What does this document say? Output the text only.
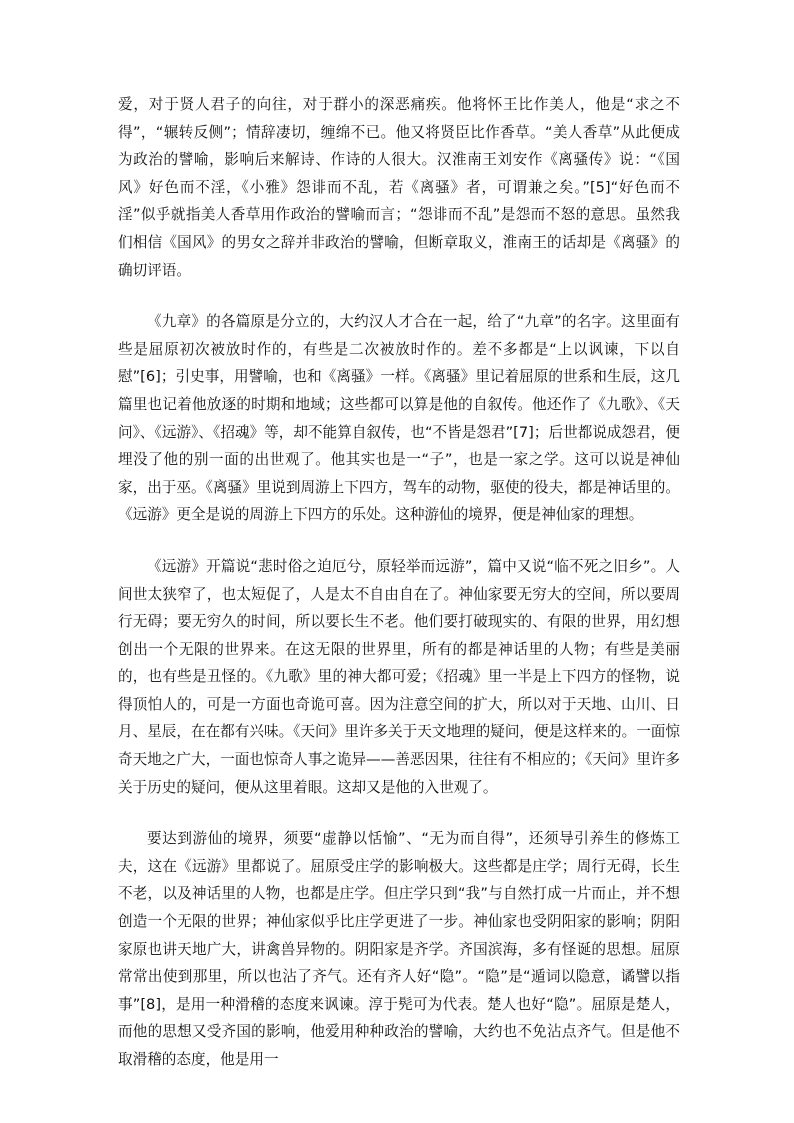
爱，对于贤人君子的向往，对于群小的深恶痛疾。他将怀王比作美人，他是“求之不得”，“辗转反侧”；情辞凄切，缠绵不已。他又将贤臣比作香草。“美人香草”从此便成为政治的譬喻，影响后来解诗、作诗的人很大。汉淮南王刘安作《离骚传》说：“《国风》好色而不淫，《小雅》怨诽而不乱，若《离骚》者，可谓兼之矣。”[5]“好色而不淫”似乎就指美人香草用作政治的譬喻而言；“怨诽而不乱”是怨而不怒的意思。虽然我们相信《国风》的男女之辞并非政治的譬喻，但断章取义，淮南王的话却是《离骚》的确切评语。

《九章》的各篇原是分立的，大约汉人才合在一起，给了“九章”的名字。这里面有些是屈原初次被放时作的，有些是二次被放时作的。差不多都是“上以讽谏，下以自慰”[6]；引史事，用譬喻，也和《离骚》一样。《离骚》里记着屈原的世系和生辰，这几篇里也记着他放逐的时期和地域；这些都可以算是他的自叙传。他还作了《九歌》、《天问》、《远游》、《招魂》等，却不能算自叙传，也“不皆是怨君”[7]；后世都说成怨君，便埋没了他的别一面的出世观了。他其实也是一“子”，也是一家之学。这可以说是神仙家，出于巫。《离骚》里说到周游上下四方，驾车的动物，驱使的役夫，都是神话里的。《远游》更全是说的周游上下四方的乐处。这种游仙的境界，便是神仙家的理想。

《远游》开篇说“悲时俗之迫厄兮，原轻举而远游”，篇中又说“临不死之旧乡”。人间世太狭窄了，也太短促了，人是太不自由自在了。神仙家要无穷大的空间，所以要周行无碍；要无穷久的时间，所以要长生不老。他们要打破现实的、有限的世界，用幻想创出一个无限的世界来。在这无限的世界里，所有的都是神话里的人物；有些是美丽的，也有些是丑怪的。《九歌》里的神大都可爱；《招魂》里一半是上下四方的怪物，说得顶怕人的，可是一方面也奇诡可喜。因为注意空间的扩大，所以对于天地、山川、日月、星辰，在在都有兴味。《天问》里许多关于天文地理的疑问，便是这样来的。一面惊奇天地之广大，一面也惊奇人事之诡异——善恶因果，往往有不相应的；《天问》里许多关于历史的疑问，便从这里着眼。这却又是他的入世观了。

要达到游仙的境界，须要“虚静以恬愉”、“无为而自得”，还须导引养生的修炼工夫，这在《远游》里都说了。屈原受庄学的影响极大。这些都是庄学；周行无碍，长生不老，以及神话里的人物，也都是庄学。但庄学只到“我”与自然打成一片而止，并不想创造一个无限的世界；神仙家似乎比庄学更进了一步。神仙家也受阴阳家的影响；阴阳家原也讲天地广大，讲禽兽异物的。阴阳家是齐学。齐国滨海，多有怪诞的思想。屈原常常出使到那里，所以也沾了齐气。还有齐人好“隐”。“隐”是“遁词以隐意，谲譬以指事”[8]，是用一种滑稽的态度来讽谏。淳于髡可为代表。楚人也好“隐”。屈原是楚人，而他的思想又受齐国的影响，他爱用种种政治的譬喻，大约也不免沾点齐气。但是他不取滑稽的态度，他是用一
